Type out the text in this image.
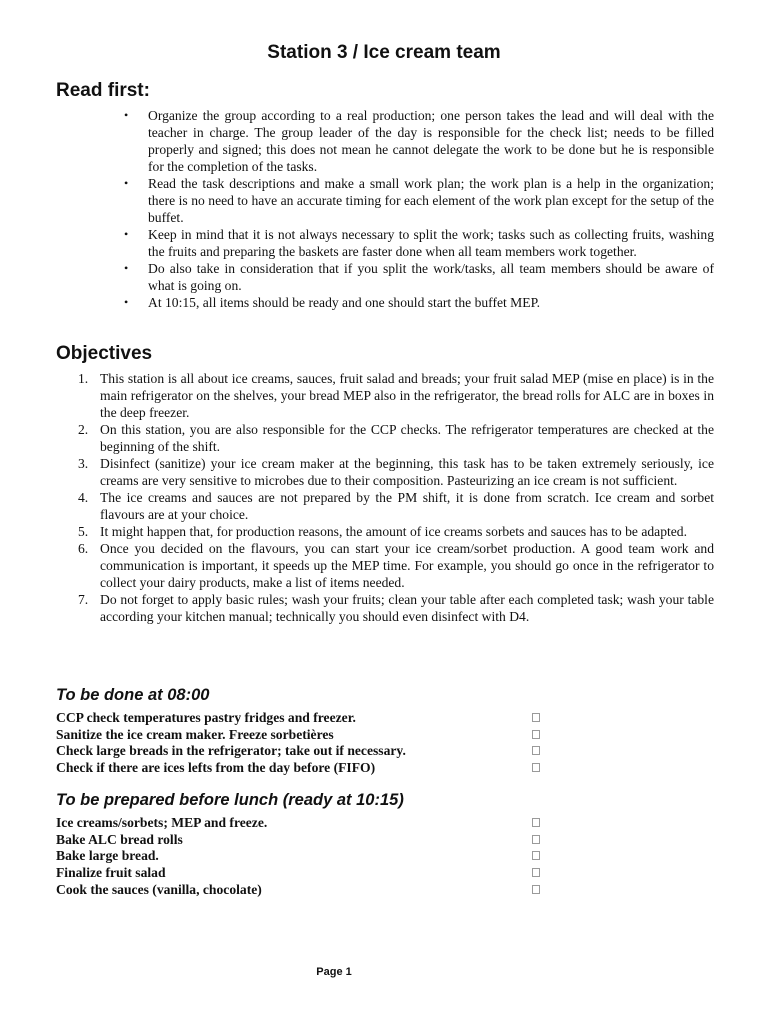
Station 3 / Ice cream team
Read first:
•	Organize the group according to a real production; one person takes the lead and will deal with the teacher in charge. The group leader of the day is responsible for the check list; needs to be filled properly and signed; this does not mean he cannot delegate the work to be done but he is responsible for the completion of the tasks.
•	Read the task descriptions and make a small work plan; the work plan is a help in the organization; there is no need to have an accurate timing for each element of the work plan except for the setup of the buffet.
•	Keep in mind that it is not always necessary to split the work; tasks such as collecting fruits, washing the fruits and preparing the baskets are faster done when all team members work together.
•	Do also take in consideration that if you split the work/tasks, all team members should be aware of what is going on.
•	At 10:15, all items should be ready and one should start the buffet MEP.
Objectives
1. This station is all about ice creams, sauces, fruit salad and breads; your fruit salad MEP (mise en place) is in the main refrigerator on the shelves, your bread MEP also in the refrigerator, the bread rolls for ALC are in boxes in the deep freezer.
2. On this station, you are also responsible for the CCP checks. The refrigerator temperatures are checked at the beginning of the shift.
3. Disinfect (sanitize) your ice cream maker at the beginning, this task has to be taken extremely seriously, ice creams are very sensitive to microbes due to their composition. Pasteurizing an ice cream is not sufficient.
4. The ice creams and sauces are not prepared by the PM shift, it is done from scratch. Ice cream and sorbet flavours are at your choice.
5. It might happen that, for production reasons, the amount of ice creams sorbets and sauces has to be adapted.
6. Once you decided on the flavours, you can start your ice cream/sorbet production. A good team work and communication is important, it speeds up the MEP time. For example, you should go once in the refrigerator to collect your dairy products, make a list of items needed.
7. Do not forget to apply basic rules; wash your fruits; clean your table after each completed task; wash your table according your kitchen manual; technically you should even disinfect with D4.
To be done at 08:00
CCP check temperatures pastry fridges and freezer.
Sanitize the ice cream maker. Freeze sorbetières
Check large breads in the refrigerator; take out if necessary.
Check if there are ices lefts from the day before (FIFO)
To be prepared before lunch (ready at 10:15)
Ice creams/sorbets; MEP and freeze.
Bake ALC bread rolls
Bake large bread.
Finalize fruit salad
Cook the sauces (vanilla, chocolate)
Page 1
